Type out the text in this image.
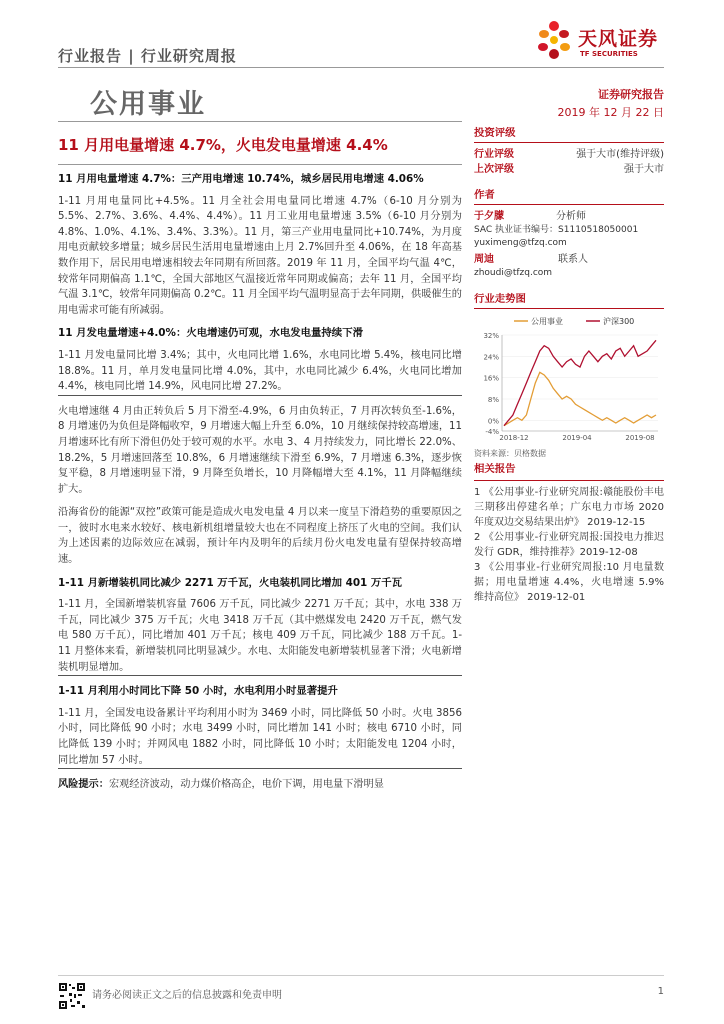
行业报告 | 行业研究周报
天风证券
TF SECURITIES
公用事业	证券研究报告
2019 年 12 月 22 日
11 月用电量增速 4.7%，火电发电量增速 4.4%
11 月用电量增速 4.7%：三产用电增速 10.74%，城乡居民用电增速 4.06%

1-11 月用电量同比+4.5%。11 月全社会用电量同比增速 4.7%（6-10 月分别为 5.5%、2.7%、3.6%、4.4%、4.4%）。11 月工业用电量增速 3.5%（6-10 月分别为 4.8%、1.0%、4.1%、3.4%、3.3%）。11 月，第三产业用电量同比+10.74%，为月度用电贡献较多增量；城乡居民生活用电量增速由上月 2.7%回升至 4.06%，在 18 年高基数作用下，居民用电增速相较去年同期有所回落。2019 年 11 月，全国平均气温 4℃，较常年同期偏高 1.1℃，全国大部地区气温接近常年同期或偏高；去年 11 月，全国平均气温 3.1℃，较常年同期偏高 0.2℃。11 月全国平均气温明显高于去年同期，供暖催生的用电需求可能有所减弱。

11 月发电量增速+4.0%：火电增速仍可观，水电发电量持续下滑

1-11 月发电量同比增 3.4%；其中，火电同比增 1.6%，水电同比增 5.4%，核电同比增 18.8%。11 月，单月发电量同比增 4.0%，其中，水电同比减少 6.4%，火电同比增加 4.4%，核电同比增 14.9%，风电同比增 27.2%。

火电增速继 4 月由正转负后 5 月下滑至-4.9%，6 月由负转正，7 月再次转负至-1.6%，8 月增速仍为负但是降幅收窄，9 月增速大幅上升至 6.0%，10 月继续保持较高增速，11 月增速环比有所下滑但仍处于较可观的水平。水电 3、4 月持续发力，同比增长 22.0%、18.2%，5 月增速回落至 10.8%，6 月增速继续下滑至 6.9%，7 月增速 6.3%，逐步恢复平稳，8 月增速明显下滑，9 月降至负增长，10 月降幅增大至 4.1%，11 月降幅继续扩大。

沿海省份的能源“双控”政策可能是造成火电发电量 4 月以来一度呈下滑趋势的重要原因之一，彼时水电来水较好、核电新机组增量较大也在不同程度上挤压了火电的空间。我们认为上述因素的边际效应在减弱，预计年内及明年的后续月份火电发电量有望保持较高增速。

1-11 月新增装机同比减少 2271 万千瓦，火电装机同比增加 401 万千瓦

1-11 月，全国新增装机容量 7606 万千瓦，同比减少 2271 万千瓦；其中，水电 338 万千瓦，同比减少 375 万千瓦；火电 3418 万千瓦（其中燃煤发电 2420 万千瓦，燃气发电 580 万千瓦），同比增加 401 万千瓦；核电 409 万千瓦，同比减少 188 万千瓦。1-11 月整体来看，新增装机同比明显减少。水电、太阳能发电新增装机显著下滑；火电新增装机明显增加。

1-11 月利用小时同比下降 50 小时，水电利用小时显著提升

1-11 月，全国发电设备累计平均利用小时为 3469 小时，同比降低 50 小时。火电 3856 小时，同比降低 90 小时；水电 3499 小时，同比增加 141 小时；核电 6710 小时，同比降低 139 小时；并网风电 1882 小时，同比降低 10 小时；太阳能发电 1204 小时，同比增加 57 小时。

风险提示：宏观经济波动，动力煤价格高企，电价下调，用电量下滑明显

投资评级
行业评级	强于大市(维持评级)
上次评级	强于大市
作者
于夕朦	分析师
SAC 执业证书编号：S1110518050001
yuximeng@tfzq.com
周迪	联系人
zhoudi@tfzq.com
行业走势图
公用事业	沪深300
32%
24%
16%
8%
0%
-4%
2018-12	2019-04	2019-08
资料来源：贝格数据
相关报告
1 《公用事业-行业研究周报:赣能股份丰电三期移出停建名单；广东电力市场 2020 年度双边交易结果出炉》 2019-12-15
2 《公用事业-行业研究周报:国投电力推迟发行 GDR，维持推荐》2019-12-08
3 《公用事业-行业研究周报:10 月电量数据；用电量增速 4.4%，火电增速 5.9% 维持高位》 2019-12-01
请务必阅读正文之后的信息披露和免责申明	1
